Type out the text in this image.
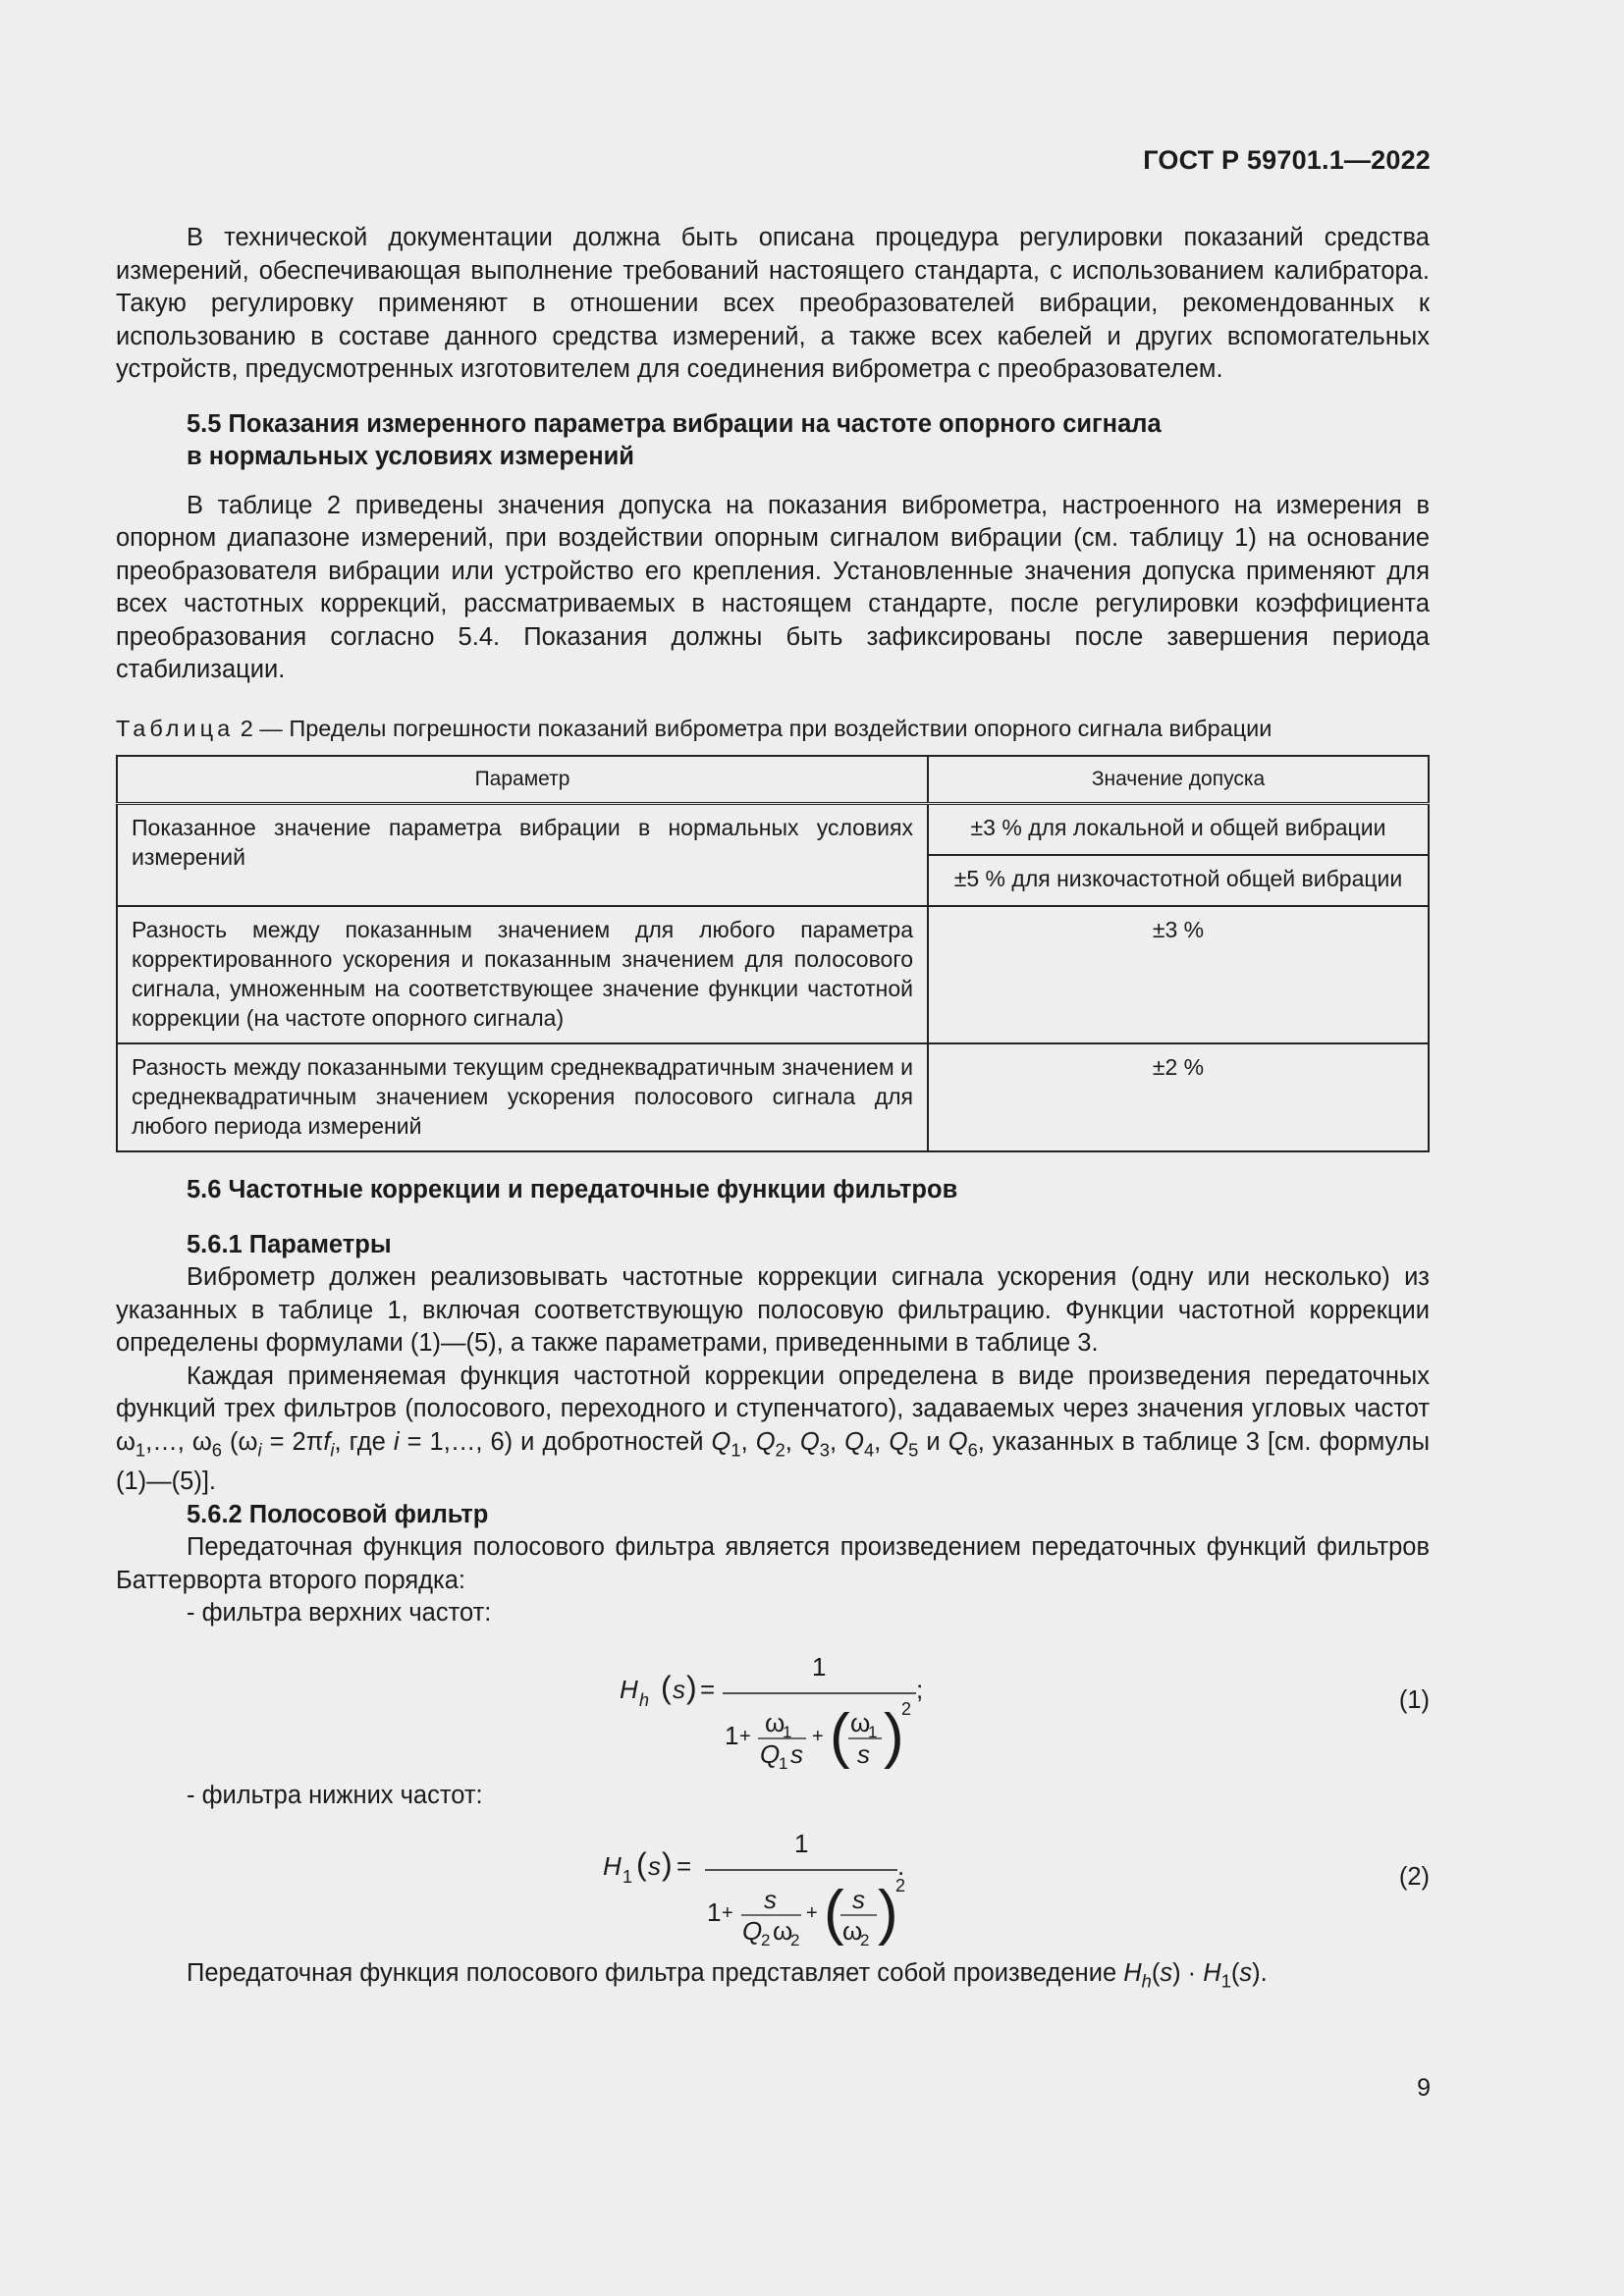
ГОСТ Р 59701.1—2022

В технической документации должна быть описана процедура регулировки показаний средства измерений, обеспечивающая выполнение требований настоящего стандарта, с использованием калибратора. Такую регулировку применяют в отношении всех преобразователей вибрации, рекомендованных к использованию в составе данного средства измерений, а также всех кабелей и других вспомогательных устройств, предусмотренных изготовителем для соединения виброметра с преобразователем.

5.5 Показания измеренного параметра вибрации на частоте опорного сигнала

в нормальных условиях измерений

В таблице 2 приведены значения допуска на показания виброметра, настроенного на измерения в опорном диапазоне измерений, при воздействии опорным сигналом вибрации (см. таблицу 1) на основание преобразователя вибрации или устройство его крепления. Установленные значения допуска применяют для всех частотных коррекций, рассматриваемых в настоящем стандарте, после регулировки коэффициента преобразования согласно 5.4. Показания должны быть зафиксированы после завершения периода стабилизации.

Таблица 2 — Пределы погрешности показаний виброметра при воздействии опорного сигнала вибрации
Параметр	Значение допуска
Показанное значение параметра вибрации в нормальных условиях измерений	±3 % для локальной и общей вибрации
	±5 % для низкочастотной общей вибрации
Разность между показанным значением для любого параметра корректированного ускорения и показанным значением для полосового сигнала, умноженным на соответствующее значение функции частотной коррекции (на частоте опорного сигнала)	±3 %
Разность между показанными текущим среднеквадратичным значением и среднеквадратичным значением ускорения полосового сигнала для любого периода измерений	±2 %

5.6 Частотные коррекции и передаточные функции фильтров

5.6.1 Параметры

Виброметр должен реализовывать частотные коррекции сигнала ускорения (одну или несколько) из указанных в таблице 1, включая соответствующую полосовую фильтрацию. Функции частотной коррекции определены формулами (1)—(5), а также параметрами, приведенными в таблице 3.

Каждая применяемая функция частотной коррекции определена в виде произведения передаточных функций трех фильтров (полосового, переходного и ступенчатого), задаваемых через значения угловых частот $\omega_1,\dots$, $\omega_6$ ($\omega_i = 2\pi f_i$, где i = 1,…, 6) и добротностей $Q_1$, $Q_2$, $Q_3$, $Q_4$, $Q_5$ и $Q_6$, указанных в таблице 3 [см. формулы (1)—(5)].

5.6.2 Полосовой фильтр

Передаточная функция полосового фильтра является произведением передаточных функций фильтров Баттерворта второго порядка:

- фильтра верхних частот:

H h ( s ) =
1
;
1 + ω
1
Q
1 s
+ ( ω
1
s )
2	(1)

- фильтра нижних частот:

H 1 ( s ) =
1
.
1 + s
Q
2 ω
2
+ ( s
ω
2 )
2	(2)

Передаточная функция полосового фильтра представляет собой произведение $H_h(s) \cdot H_1(s)$.

9
